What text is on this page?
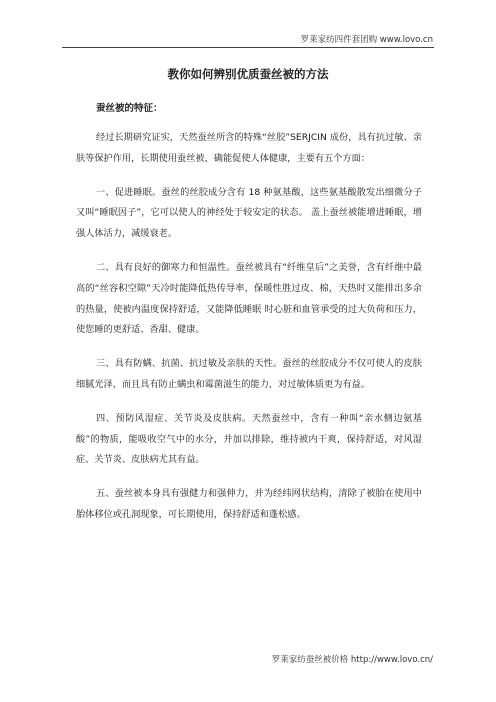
罗莱家纺四件套团购 www.lovo.cn
教你如何辨别优质蚕丝被的方法

蚕丝被的特征：

经过长期研究证实，天然蚕丝所含的特殊“丝胶”SERJCIN 成份，具有抗过敏、亲肤等保护作用，长期使用蚕丝被，确能促使人体健康，主要有五个方面：

一、促进睡眠。蚕丝的丝胶成分含有 18 种氨基酸，这些氨基酸散发出细微分子又叫“睡眠因子”，它可以使人的神经处于较安定的状态。 盖上蚕丝被能增进睡眠，增强人体活力，减缓衰老。

二、具有良好的御寒力和恒温性。蚕丝被具有“纤维皇后”之美誉，含有纤维中最高的“丝容积空隙”天冷时能降低热传导率，保暖性胜过皮、棉，天热时又能排出多余的热量，使被内温度保持舒适，又能降低睡眠 时心脏和血管承受的过大负荷和压力，使您睡的更舒适、香甜、健康。

三、具有防螨、抗菌、抗过敏及亲肤的天性。蚕丝的丝胶成分不仅可使人的皮肤细腻光泽，而且具有防止螨虫和霉菌滋生的能力，对过敏体质更为有益。

四、预防风湿症、关节炎及皮肤病。天然蚕丝中，含有一种叫“亲水侧边氨基酸”的物质，能吸收空气中的水分，并加以排除，维持被内干爽，保持舒适，对风湿症、关节炎、皮肤病尤其有益。

五、蚕丝被本身具有强健力和强伸力，并为经纬网状结构，清除了被胎在使用中胎体移位或孔洞现象，可长期使用，保持舒适和蓬松感。

罗莱家纺蚕丝被价格 http://www.lovo.cn/
